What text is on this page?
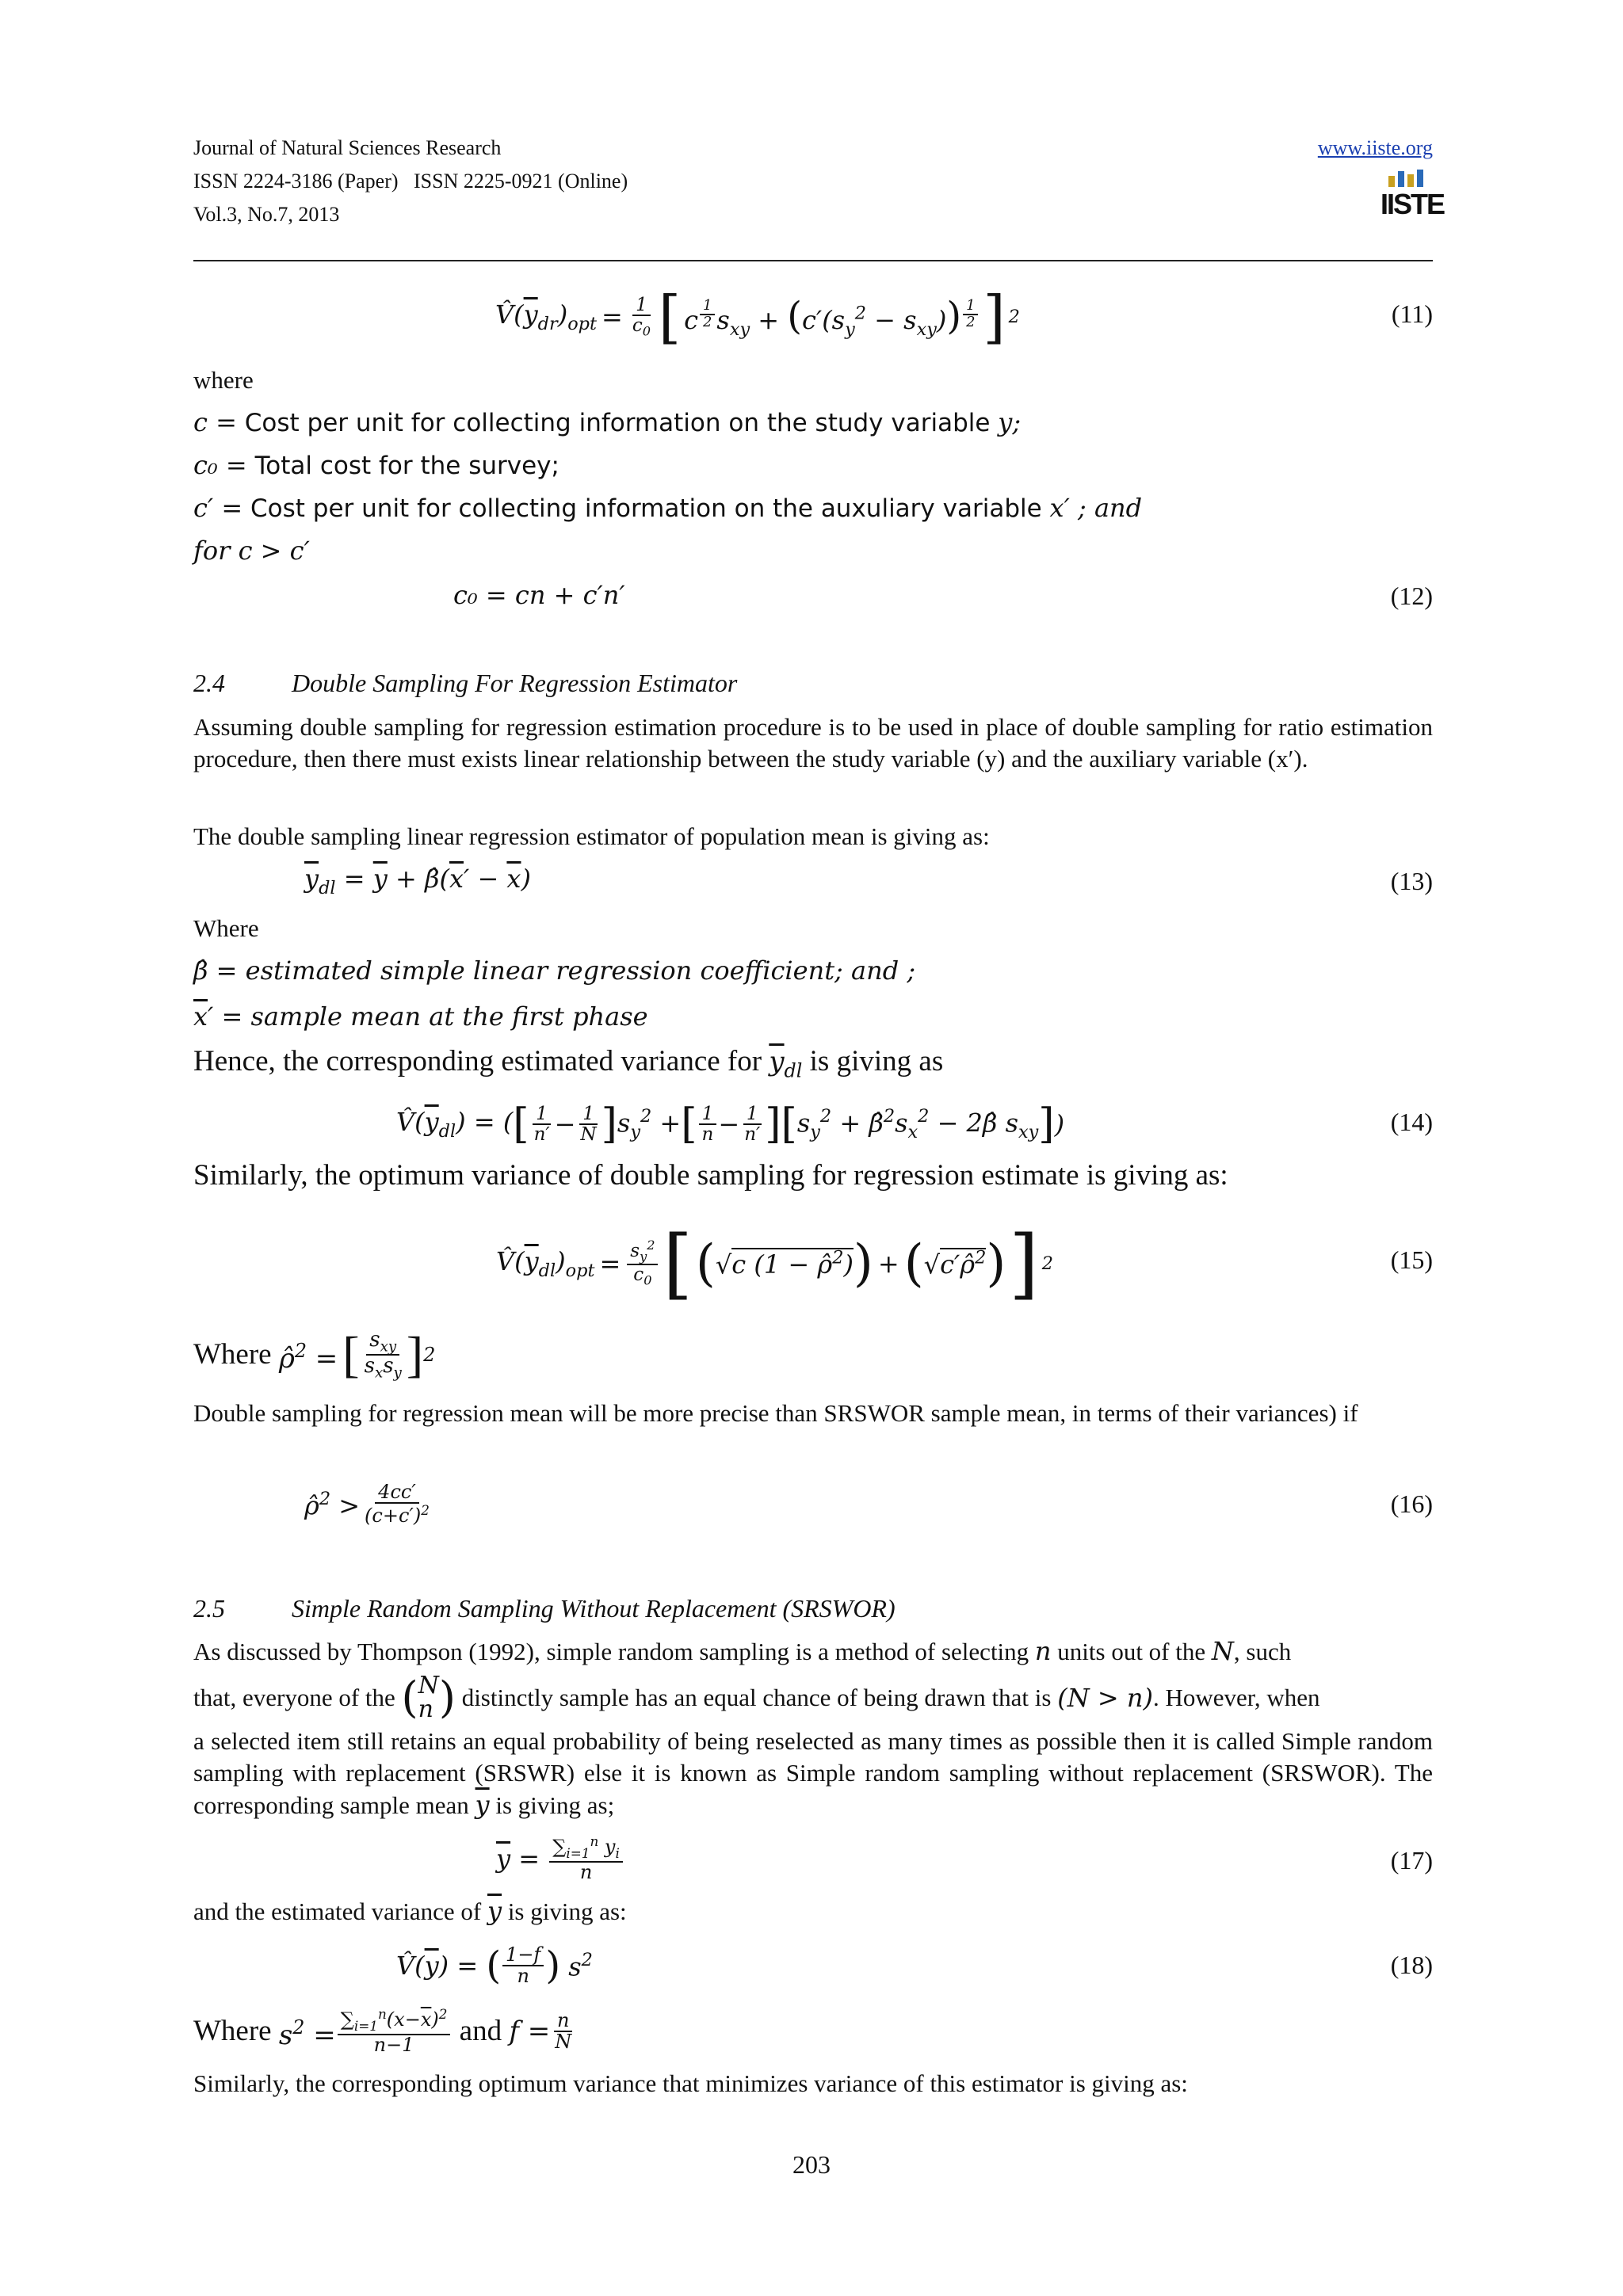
Journal of Natural Sciences Research
ISSN 2224-3186 (Paper)   ISSN 2225-0921 (Online)
Vol.3, No.7, 2013
www.iiste.org
IISTE
$V̂(\overline{y}_{dr})_{opt} = \frac{1}{c_0}$ [ c $^{\frac{1}{2}}$ $s_{xy} + (c'(s_y^2 - s_{xy}))$ $^{\frac{1}{2}}$ ] 2	(11)
where
c = Cost per unit for collecting information on the study variable y;
c₀ = Total cost for the survey;
c′ = Cost per unit for collecting information on the auxuliary variable x′ ; and
for c > c′
c₀ = cn + c′n′	(12)
2.4	Double Sampling For Regression Estimator
Assuming double sampling for regression estimation procedure is to be used in place of double sampling for ratio estimation procedure, then there must exists linear relationship between the study variable (y) and the auxiliary variable (x′).
The double sampling linear regression estimator of population mean is giving as:
$\overline{y}_{dl} = \overline{y}$ + $\betâ(\overline{x}' - \overline{x})$	(13)
Where
β̂ = estimated simple linear regression coefficient; and ;
$\overline{x}'$ = sample mean at the first phase
Hence, the corresponding estimated variance for $\overline{y}_{dl}$ is giving as
$V̂(\overline{y}_{dl})$ = ( [ $\frac{1}{n'} - \frac{1}{N}$ ] $s_y^2$ + [ $\frac{1}{n} - \frac{1}{n'}$ ] [ $s_y^2$ + $\betâ^2s_x^2$ − 2β̂ $s_{xy}$ ] )	(14)
Similarly, the optimum variance of double sampling for regression estimate is giving as:
$V̂(\overline{y}_{dl})_{opt} = \frac{s_y^2}{c_0}$ [ ( √c (1 − ρ̂$^2$) ) + ( √c′ρ̂$^2$ ) ] 2	(15)
Where
ρ̂$^2$ = [ $\frac{s_{xy}}{s_xs_y}$ ] 2
Double sampling for regression mean will be more precise than SRSWOR sample mean, in terms of their variances) if
ρ̂$^2$ > $\frac{4cc'}{(c+c')^2}$	(16)
2.5	Simple Random Sampling Without Replacement (SRSWOR)
As discussed by Thompson (1992), simple random sampling is a method of selecting n units out of the N, such
that, everyone of the
( N
n )
distinctly sample has an equal chance of being drawn that is
(N > n) . However, when
a selected item still retains an equal probability of being reselected as many times as possible then it is called Simple random sampling with replacement (SRSWR) else it is known as Simple random sampling without replacement (SRSWOR). The corresponding sample mean $\overline{y}$ is giving as;
$\overline{y} = \frac{\sum_{i=1}^n y_i}{n}$	(17)
and the estimated variance of $\overline{y}$ is giving as:
$V̂(\overline{y})$ = ( $\frac{1-f}{n}$ ) $s^2$	(18)
Where
$s^2 = \frac{\sum_{i=1}^n(x-\overline{x})^2}{n-1}$
and
$f = \frac{n}{N}$
Similarly, the corresponding optimum variance that minimizes variance of this estimator is giving as:
203
